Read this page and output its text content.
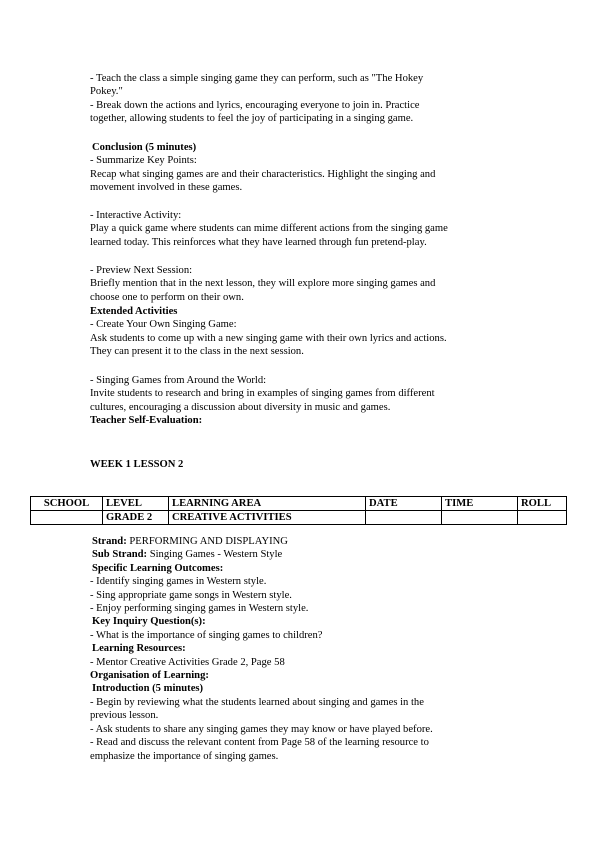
- Teach the class a simple singing game they can perform, such as "The Hokey
Pokey."
- Break down the actions and lyrics, encouraging everyone to join in. Practice
together, allowing students to feel the joy of participating in a singing game.
Conclusion (5 minutes)
- Summarize Key Points:
Recap what singing games are and their characteristics. Highlight the singing and
movement involved in these games.
- Interactive Activity:
Play a quick game where students can mime different actions from the singing game
learned today. This reinforces what they have learned through fun pretend-play.
- Preview Next Session:
Briefly mention that in the next lesson, they will explore more singing games and
choose one to perform on their own.
Extended Activities
- Create Your Own Singing Game:
Ask students to come up with a new singing game with their own lyrics and actions.
They can present it to the class in the next session.
- Singing Games from Around the World:
Invite students to research and bring in examples of singing games from different
cultures, encouraging a discussion about diversity in music and games.
Teacher Self-Evaluation:
WEEK 1 LESSON 2
SCHOOL	LEVEL	LEARNING AREA	DATE	TIME	ROLL
	GRADE 2	CREATIVE ACTIVITIES			
Strand: PERFORMING AND DISPLAYING
Sub Strand: Singing Games - Western Style
Specific Learning Outcomes:
- Identify singing games in Western style.
- Sing appropriate game songs in Western style.
- Enjoy performing singing games in Western style.
Key Inquiry Question(s):
- What is the importance of singing games to children?
Learning Resources:
- Mentor Creative Activities Grade 2, Page 58
Organisation of Learning:
Introduction (5 minutes)
- Begin by reviewing what the students learned about singing and games in the
previous lesson.
- Ask students to share any singing games they may know or have played before.
- Read and discuss the relevant content from Page 58 of the learning resource to
emphasize the importance of singing games.
